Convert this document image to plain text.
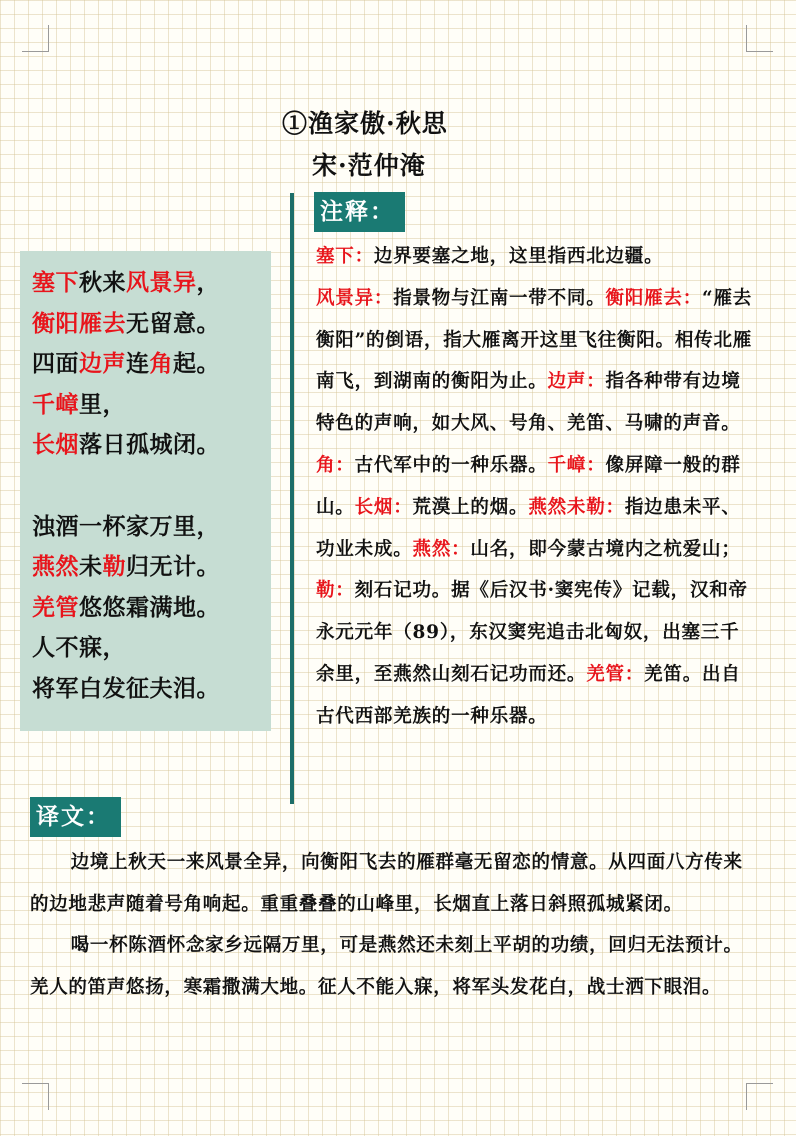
①渔家傲·秋思
宋·范仲淹
塞下秋来风景异，
衡阳雁去无留意。
四面边声连角起。
千嶂里，
长烟落日孤城闭。
浊酒一杯家万里，
燕然未勒归无计。
羌管悠悠霜满地。
人不寐，
将军白发征夫泪。
注释：
塞下：边界要塞之地，这里指西北边疆。
风景异：指景物与江南一带不同。衡阳雁去：“雁去衡阳”的倒语，指大雁离开这里飞往衡阳。相传北雁南飞，到湖南的衡阳为止。边声：指各种带有边境特色的声响，如大风、号角、羌笛、马啸的声音。角：古代军中的一种乐器。千嶂：像屏障一般的群山。长烟：荒漠上的烟。燕然未勒：指边患未平、功业未成。燕然：山名，即今蒙古境内之杭爱山；勒：刻石记功。据《后汉书·窦宪传》记载，汉和帝永元元年（89），东汉窦宪追击北匈奴，出塞三千余里，至燕然山刻石记功而还。羌管：羌笛。出自古代西部羌族的一种乐器。
译文：

边境上秋天一来风景全异，向衡阳飞去的雁群毫无留恋的情意。从四面八方传来的边地悲声随着号角响起。重重叠叠的山峰里，长烟直上落日斜照孤城紧闭。

喝一杯陈酒怀念家乡远隔万里，可是燕然还未刻上平胡的功绩，回归无法预计。羌人的笛声悠扬，寒霜撒满大地。征人不能入寐，将军头发花白，战士洒下眼泪。
